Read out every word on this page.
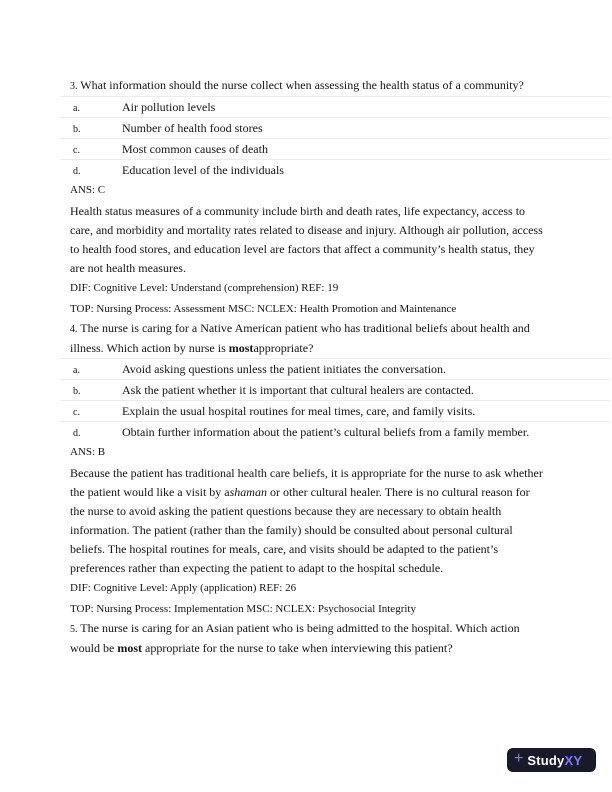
3. What information should the nurse collect when assessing the health status of a community?

a.	Air pollution levels
b.	Number of health food stores
c.	Most common causes of death
d.	Education level of the individuals

ANS: C

Health status measures of a community include birth and death rates, life expectancy, access to care, and morbidity and mortality rates related to disease and injury. Although air pollution, access to health food stores, and education level are factors that affect a community’s health status, they are not health measures.

DIF: Cognitive Level: Understand (comprehension) REF: 19

TOP: Nursing Process: Assessment MSC: NCLEX: Health Promotion and Maintenance

4. The nurse is caring for a Native American patient who has traditional beliefs about health and illness. Which action by nurse is mostappropriate?

a.	Avoid asking questions unless the patient initiates the conversation.
b.	Ask the patient whether it is important that cultural healers are contacted.
c.	Explain the usual hospital routines for meal times, care, and family visits.
d.	Obtain further information about the patient’s cultural beliefs from a family member.

ANS: B

Because the patient has traditional health care beliefs, it is appropriate for the nurse to ask whether the patient would like a visit by ashaman or other cultural healer. There is no cultural reason for the nurse to avoid asking the patient questions because they are necessary to obtain health information. The patient (rather than the family) should be consulted about personal cultural beliefs. The hospital routines for meals, care, and visits should be adapted to the patient’s preferences rather than expecting the patient to adapt to the hospital schedule.

DIF: Cognitive Level: Apply (application) REF: 26

TOP: Nursing Process: Implementation MSC: NCLEX: Psychosocial Integrity

5. The nurse is caring for an Asian patient who is being admitted to the hospital. Which action would be most appropriate for the nurse to take when interviewing this patient?

+ Study XY
